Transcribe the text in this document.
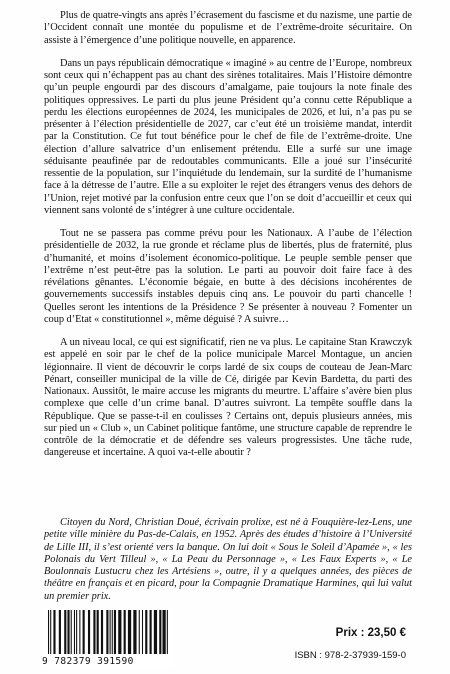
Plus de quatre-vingts ans après l’écrasement du fascisme et du nazisme, une partie de l’Occident connaît une montée du populisme et de l’extrême-droite sécuritaire. On assiste à l’émergence d’une politique nouvelle, en apparence.

Dans un pays républicain démocratique « imaginé » au centre de l’Europe, nombreux sont ceux qui n’échappent pas au chant des sirènes totalitaires. Mais l’Histoire démontre qu’un peuple engourdi par des discours d’amalgame, paie toujours la note finale des politiques oppressives. Le parti du plus jeune Président qu’a connu cette République a perdu les élections européennes de 2024, les municipales de 2026, et lui, n’a pas pu se présenter à l’élection présidentielle de 2027, car c’eut été un troisième mandat, interdit par la Constitution. Ce fut tout bénéfice pour le chef de file de l’extrême-droite. Une élection d’allure salvatrice d’un enlisement prétendu. Elle a surfé sur une image séduisante peaufinée par de redoutables communicants. Elle a joué sur l’insécurité ressentie de la population, sur l’inquiétude du lendemain, sur la surdité de l’humanisme face à la détresse de l’autre. Elle a su exploiter le rejet des étrangers venus des dehors de l’Union, rejet motivé par la confusion entre ceux que l’on se doit d’accueillir et ceux qui viennent sans volonté de s’intégrer à une culture occidentale.

Tout ne se passera pas comme prévu pour les Nationaux. A l’aube de l’élection présidentielle de 2032, la rue gronde et réclame plus de libertés, plus de fraternité, plus d’humanité, et moins d’isolement économico-politique. Le peuple semble penser que l’extrême n’est peut-être pas la solution. Le parti au pouvoir doit faire face à des révélations gênantes. L’économie bégaie, en butte à des décisions incohérentes de gouvernements successifs instables depuis cinq ans. Le pouvoir du parti chancelle ! Quelles seront les intentions de la Présidence ? Se présenter à nouveau ? Fomenter un coup d’Etat « constitutionnel », même déguisé ? A suivre…

A un niveau local, ce qui est significatif, rien ne va plus. Le capitaine Stan Krawczyk est appelé en soir par le chef de la police municipale Marcel Montague, un ancien légionnaire. Il vient de découvrir le corps lardé de six coups de couteau de Jean-Marc Pénart, conseiller municipal de la ville de Cé, dirigée par Kevin Bardetta, du parti des Nationaux. Aussitôt, le maire accuse les migrants du meurtre. L’affaire s’avère bien plus complexe que celle d’un crime banal. D’autres suivront. La tempête souffle dans la République. Que se passe-t-il en coulisses ? Certains ont, depuis plusieurs années, mis sur pied un « Club », un Cabinet politique fantôme, une structure capable de reprendre le contrôle de la démocratie et de défendre ses valeurs progressistes. Une tâche rude, dangereuse et incertaine. A quoi va-t-elle aboutir ?

Citoyen du Nord, Christian Doué, écrivain prolixe, est né à Fouquière-lez-Lens, une petite ville minière du Pas-de-Calais, en 1952. Après des études d’histoire à l’Université de Lille III, il s’est orienté vers la banque. On lui doit « Sous le Soleil d’Apamée », « les Polonais du Vert Tilleul », « La Peau du Personnage », « Les Faux Experts », « Le Boulonnais Lustucru chez les Artésiens », outre, il y a quelques années, des pièces de théâtre en français et en picard, pour la Compagnie Dramatique Harmines, qui lui valut un premier prix.
9 782379 391590
Prix : 23,50 €
ISBN : 978-2-37939-159-0
